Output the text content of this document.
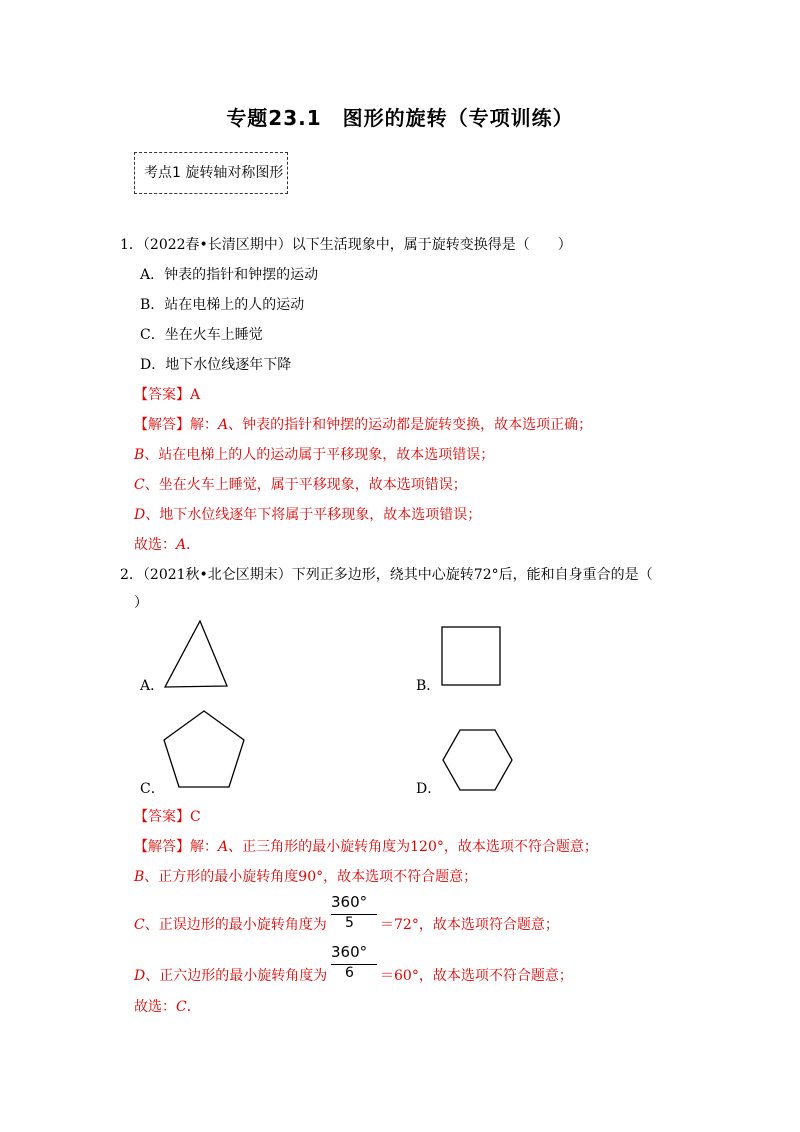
专题23.1　图形的旋转（专项训练）
考点1 旋转轴对称图形
1．（2022春•长清区期中）以下生活现象中，属于旋转变换得是（　　）
A．钟表的指针和钟摆的运动
B．站在电梯上的人的运动
C．坐在火车上睡觉
D．地下水位线逐年下降
【答案】A
【解答】解：A、钟表的指针和钟摆的运动都是旋转变换，故本选项正确；
B、站在电梯上的人的运动属于平移现象，故本选项错误；
C、坐在火车上睡觉，属于平移现象，故本选项错误；
D、地下水位线逐年下将属于平移现象，故本选项错误；
故选：A．
2．（2021秋•北仑区期末）下列正多边形，绕其中心旋转72°后，能和自身重合的是（
）
A．	B．
C．	D．
【答案】C
【解答】解：A、正三角形的最小旋转角度为120°，故本选项不符合题意；
B、正方形的最小旋转角度90°，故本选项不符合题意；
C、正误边形的最小旋转角度为
360°
5 ＝72°，故本选项符合题意；
D、正六边形的最小旋转角度为
360°
6 ＝60°，故本选项不符合题意；
故选：C．
